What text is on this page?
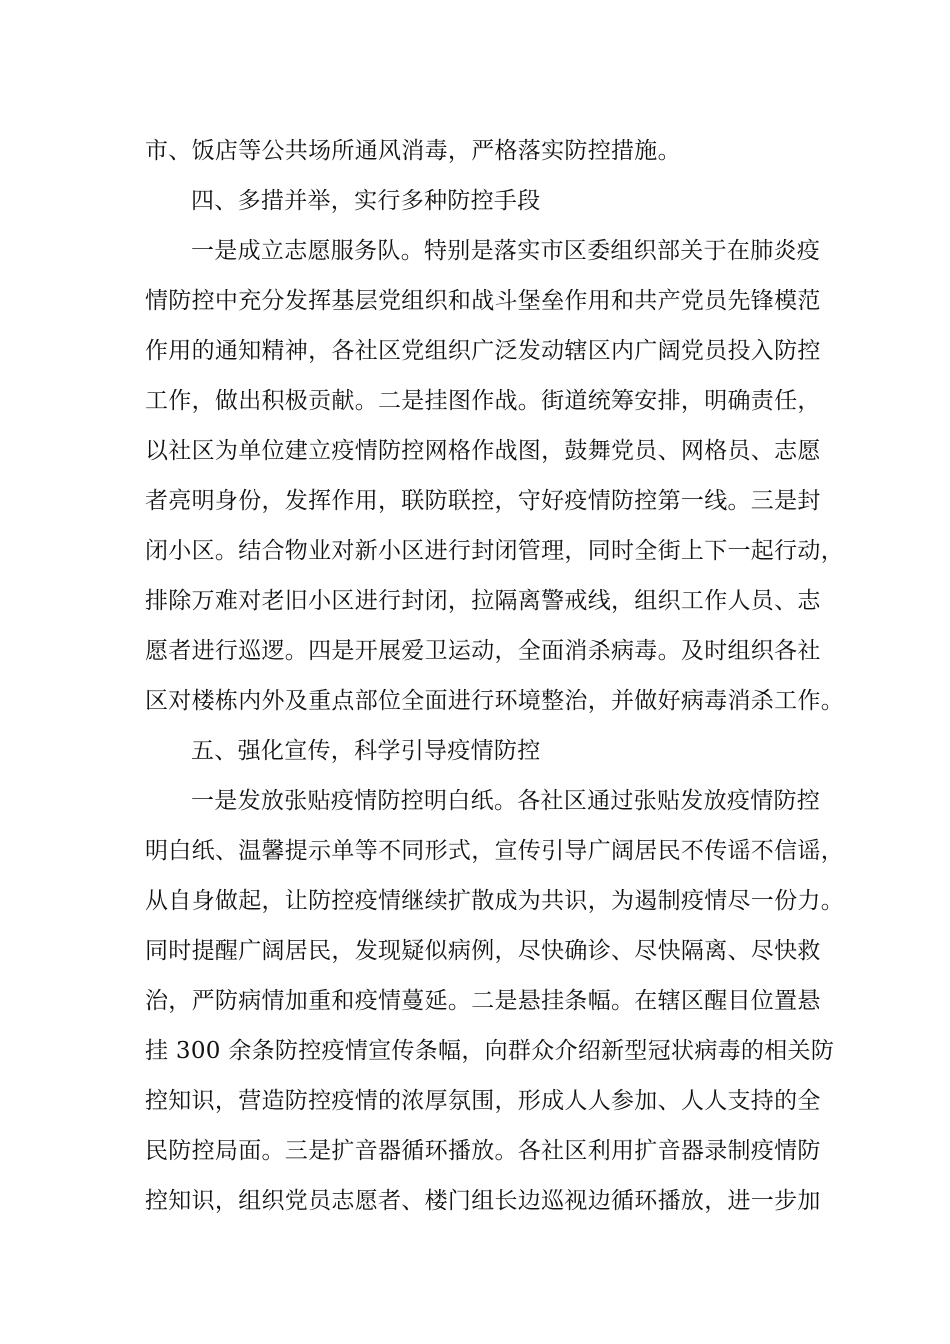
市、饭店等公共场所通风消毒，严格落实防控措施。
四、多措并举，实行多种防控手段
一是成立志愿服务队。特别是落实市区委组织部关于在肺炎疫
情防控中充分发挥基层党组织和战斗堡垒作用和共产党员先锋模范
作用的通知精神，各社区党组织广泛发动辖区内广阔党员投入防控
工作，做出积极贡献。二是挂图作战。街道统筹安排，明确责任，
以社区为单位建立疫情防控网格作战图，鼓舞党员、网格员、志愿
者亮明身份，发挥作用，联防联控，守好疫情防控第一线。三是封
闭小区。结合物业对新小区进行封闭管理，同时全街上下一起行动，
排除万难对老旧小区进行封闭，拉隔离警戒线，组织工作人员、志
愿者进行巡逻。四是开展爱卫运动，全面消杀病毒。及时组织各社
区对楼栋内外及重点部位全面进行环境整治，并做好病毒消杀工作。
五、强化宣传，科学引导疫情防控
一是发放张贴疫情防控明白纸。各社区通过张贴发放疫情防控
明白纸、温馨提示单等不同形式，宣传引导广阔居民不传谣不信谣，
从自身做起，让防控疫情继续扩散成为共识，为遏制疫情尽一份力。
同时提醒广阔居民，发现疑似病例，尽快确诊、尽快隔离、尽快救
治，严防病情加重和疫情蔓延。二是悬挂条幅。在辖区醒目位置悬
挂 300 余条防控疫情宣传条幅，向群众介绍新型冠状病毒的相关防
控知识，营造防控疫情的浓厚氛围，形成人人参加、人人支持的全
民防控局面。三是扩音器循环播放。各社区利用扩音器录制疫情防
控知识，组织党员志愿者、楼门组长边巡视边循环播放，进一步加
